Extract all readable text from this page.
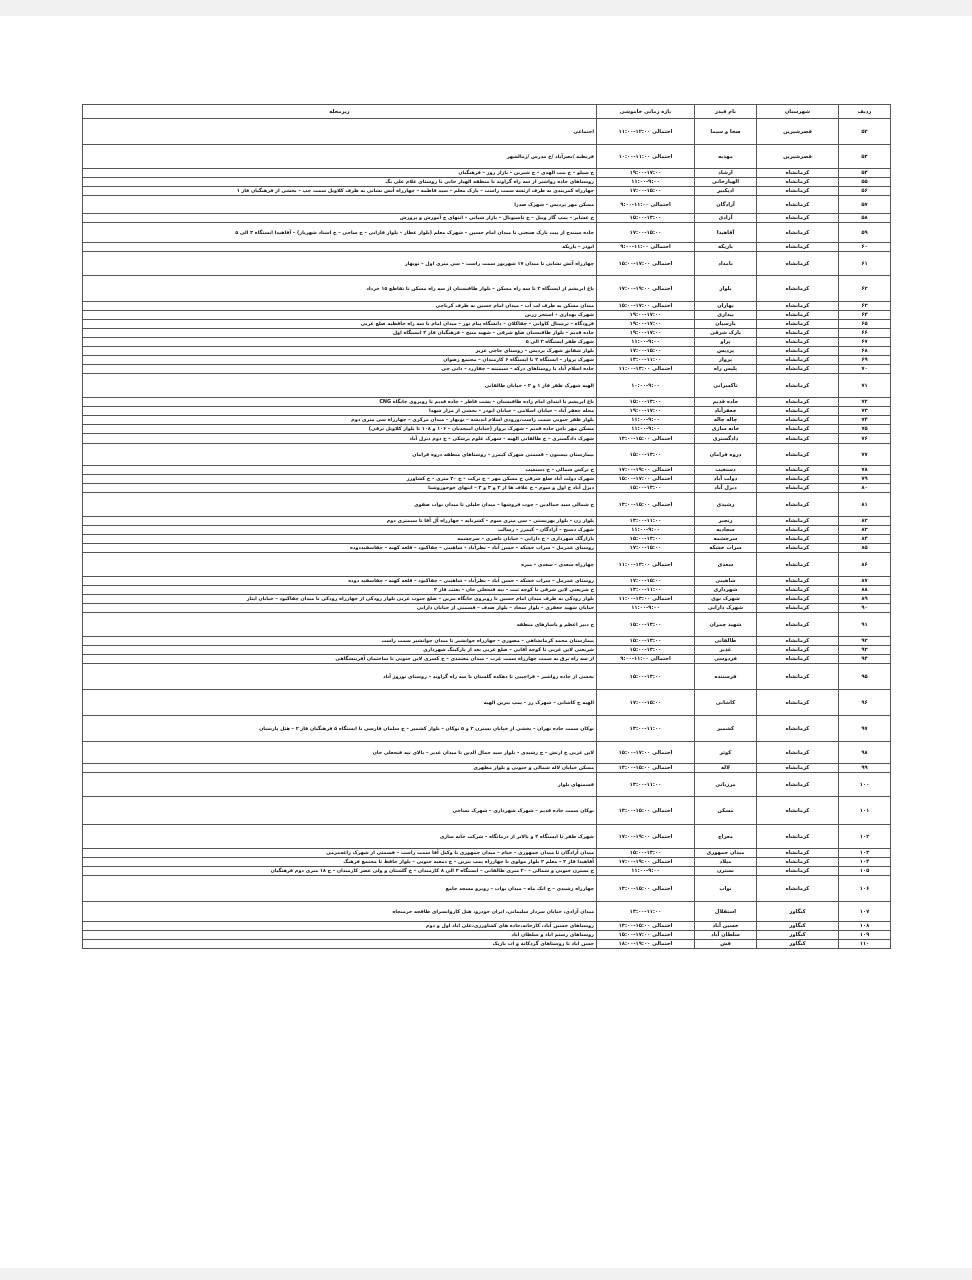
ردیف	شهرستان	نام فیدر	بازه زمانی خاموشی	زیرمحله
۵۲	قصرشیرین	صحا و سیما	احتمالی ۱۲:۰۰-۱۱:۰۰	اجتماعی
۵۳	قصرشیرین	مهدیه	احتمالی ۱۱:۰۰-۱۰:۰۰	فرنطیه /نصرآباد /خ مدرس /زمالشهر
۵۴	کرمانشاه	ارشاد	۱۹:۰۰-۱۷:۰۰	خ سیلو – خ بنت الهدی – خ شیرین – بازار روز – فرهنگیان
۵۵	کرمانشاه	الهیارخانی	۱۱:۰۰-۹:۰۰	روستاهای جاده رواشیر از سه راه گراوند تا منطقه الهیار خانی تا روستای غلام علی بگ
۵۶	کرمانشاه	ادیکبیر	۱۷:۰۰-۱۵:۰۰	چهارراه کمربندی به طرف ارتشه سمت راست – پارک معلم – سید فاطمه – چهارراه آتش نشانی به طرف کلاویل سمت چپ – بخشی از فرهنگیان فاز ۱
۵۷	کرمانشاه	آزادگان	احتمالی ۱۱:۰۰-۹:۰۰	مسکن مهر پردیس – شهرک صدرا
۵۸	کرمانشاه	آزادی	۱۵:۰۰-۱۳:۰۰	خ عشایر – پمپ گاز وییل – خ تاسیونال – بازار شبانی – انتهای خ آموزش و پرورش
۵۹	کرمانشاه	آقاهیدا	۱۷:۰۰-۱۵:۰۰	جاده سنندج از پیت پارک صنعتی تا میدان امام حسین – شهرک معلم (بلوار عطار – بلوار فارابی – خ ساحی – خ استاد شهریار) – آقاهیدا ایستگاه ۴ الی ۵
۶۰	کرمانشاه	باریکه	احتمالی ۱۱:۰۰-۹:۰۰	ابوذر – باریکه
۶۱	کرمانشاه	بامداد	احتمالی ۱۷:۰۰-۱۵:۰۰	چهارراه آتش نشانی تا میدان ۱۷ شهریور سمت راست – سی متری اول – نوبهار
۶۲	کرمانشاه	بلوار	احتمالی ۱۹:۰۰-۱۷:۰۰	باغ ابریشم از ایستگاه ۲ تا سه راه مسکن – بلوار طاقبستان از سه راه مسکن تا تقاطع ۱۵ خرداد
۶۳	کرمانشاه	بهاران	احتمالی ۱۷:۰۰-۱۵:۰۰	میدان مسکن به طرف لب آب – میدان امام حسین به طرف کرناچی
۶۴	کرمانشاه	بیداری	۱۹:۰۰-۱۷:۰۰	شهرک بهداری – استخر زرین
۶۵	کرمانشاه	پارسیان	۱۹:۰۰-۱۷:۰۰	فرودگاه – ترمینال کاوانی – چقاکلان – دانشگاه پیام نور – میدان امام تا سه راه حافظیه ضلع غربی
۶۶	کرمانشاه	پارک شرقی	۱۹:۰۰-۱۷:۰۰	جاده قدیم – بلوار طاقبستان ضلع شرقی – شهید منتح – فرهنگیان فاز ۲ ایستگاه اول
۶۷	کرمانشاه	پراو	۱۱:۰۰-۹:۰۰	شهرک ظفر ایستگاه ۳ الی ۵
۶۸	کرمانشاه	پردیس	۱۷:۰۰-۱۵:۰۰	بلوار شقایق شهرک پردیس – روستای حاجی عزیز
۶۹	کرمانشاه	پرواز	۱۳:۰۰-۱۱:۰۰	شهرک پرواز – ایستگاه ۲ تا ایستگاه ۶ کارمندان – مجتمع رضوان
۷۰	کرمانشاه	پلیس راه	احتمالی ۱۳:۰۰-۱۱:۰۰	جاده اسلام آباد تا روستاهای درکه – سیمینه – چقازرد – دابی چی
۷۱	کرمانشاه	تاکسرانی	۱۰:۰۰-۹:۰۰	الهیه شهرک ظفر فاز ۱ و ۲ – خیابان طالقانی
۷۲	کرمانشاه	جاده قدیم	۱۵:۰۰-۱۳:۰۰	باغ ابریشم تا ابتدای امام زاده طاقبستان – پشت قاطر – جاده قدیم تا روبروی جایگاه CNG
۷۳	کرمانشاه	جعفرآباد	۱۹:۰۰-۱۷:۰۰	محله جعفر آباد – خیابان اسلامی – خیابان ابوذر – بخشی از مزار شهدا
۷۴	کرمانشاه	چاله چاله	۱۱:۰۰-۹:۰۰	بلوار ظفر جنوبی سمت راست،ورودی اسلام اندیشه – نوبهار – میدان مرکزی – چهارراه سی متری دوم
۷۵	کرمانشاه	خانه سازی	۱۱:۰۰-۹:۰۰	مسکن مهر باس جاده قدیم – شهرک پرواز (خیابان امیجدیان – ۱۰۶ و ۱۰۸ تا بلوار کلاویل ترقی)
۷۶	کرمانشاه	دادگستری	احتمالی ۱۵:۰۰-۱۳:۰۰	شهرک دادگستری – خ طالقانی الهیه – شهرک علوم پزشکی – خ دوم دیزل آباد
۷۷	کرمانشاه	دروه فرامان	۱۵:۰۰-۱۳:۰۰	بیمارستان بیستون – قسمتی شهرک کیمرز – روستاهای منطقه دروه فرامان
۷۸	کرمانشاه	دستغیب	احتمالی ۱۹:۰۰-۱۷:۰۰	خ ترکس شمالی – خ دستغیب
۷۹	کرمانشاه	دولت آباد	احتمالی ۱۷:۰۰-۱۵:۰۰	شهرک دولت آباد ضلع شرقی خ مسکن مهر – خ ترکت – خ ۴۰ متری – خ کشاورز
۸۰	کرمانشاه	دیزل آباد	۱۵:۰۰-۱۳:۰۰	دیزل آباد خ اول و سوم – خ علاف ها از ۲ و ۳ و ۴ – انتهای چوخوروشنا
۸۱	کرمانشاه	رشیدی	احتمالی ۱۵:۰۰-۱۳:۰۰	خ شمالی سید جمالدین – چوب فروشها – میدان جلیلی تا میدان نواب صفوی
۸۲	کرمانشاه	رنجبر	۱۳:۰۰-۱۱:۰۰	بلوار زن – بلوار بهزیستی – سی متری سوم – کشرنانه – چهارراه آل آقا تا سیمتری دوم
۸۳	کرمانشاه	سجادیه	۱۱:۰۰-۹:۰۰	شهرک دسیج – آزادگان – کیمرز – رسالت
۸۴	کرمانشاه	سرچشمه	۱۵:۰۰-۱۳:۰۰	بازارگک شهرداری – خ دارایی – خیابان ناصری – سرچشمه
۸۵	کرمانشاه	سراب خشکه	۱۷:۰۰-۱۵:۰۰	روستای عمرمل – سراب خشکه – حسن آباد – نظرآباد – شاهینی – چقاکبود – قلعه کهنه – چقاسفیددوده
۸۶	کرمانشاه	سعدی	احتمالی ۱۳:۰۰-۱۱:۰۰	چهارراه سعدی – سعدی – منزه
۸۷	کرمانشاه	شاهینی	۱۷:۰۰-۱۵:۰۰	روستای عمرمل – سراب خشکه – حسن آباد – نظرآباد – شاهینی – چقاکبود – قلعه کهنه – چقاسفید دوده
۸۸	کرمانشاه	شهرداری	۱۳:۰۰-۱۱:۰۰	خ شریعتی لاین شرقی تا کوچه ثبت – تپه فتحعلی خان – بعثت فاز ۲
۸۹	کرمانشاه	شهرک نوی	احتمالی ۱۳:۰۰-۱۱:۰۰	بلوار رودکی به طرف میدان امام حسین تا روبروی جایگاه بنزین – ضلع جنوب غربی بلوار رودکی از چهارراه رودکی تا میدان چقاکبود – خیابان ایثار
۹۰	کرمانشاه	شهرک دارایی	۱۱:۰۰-۹:۰۰	خیابان شهید جعفری – بلوار سجاد – بلوار صدف – قسمتی از خیابان دارایی
۹۱	کرمانشاه	شهید چمران	۱۵:۰۰-۱۳:۰۰	خ دبیر اعظم و باسازهای منطقه
۹۲	کرمانشاه	طالقانی	۱۵:۰۰-۱۳:۰۰	بیمارستان محمد کرمانشاهی – مصوری – چهارراه جوانشیر تا میدان جوانشیر سمت راست
۹۳	کرمانشاه	غدیر	۱۵:۰۰-۱۳:۰۰	شریعتی لاین غربی تا کوچه آقایی – ضلع غربی بعد از پارکینگ شهرداری
۹۴	کرمانشاه	فردوسی	احتمالی ۱۱:۰۰-۹:۰۰	از سه راه برق به سمت چهارراه سمت غرب – میدان معتمدی – خ کسری لاین جنوبی تا ساختمان آفرینشگاهی
۹۵	کرمانشاه	فرستنده	۱۵:۰۰-۱۳:۰۰	بخشی از جاده رواشیر – قراچینی تا دهکده گلستان تا سه راه گراوند – روستای نوروز آباد
۹۶	کرمانشاه	کاشانی	۱۷:۰۰-۱۵:۰۰	الهیه خ کاشانی – شهرک رز – پمپ بنزین الهیه
۹۷	کرمانشاه	کشمیر	۱۳:۰۰-۱۱:۰۰	نوکان سمت جاده تهران – بخشی از خیابان نسترن ۴ و ۵ نوکان – بلوار کشمیر – خ سلمان فارسی تا ایستگاه ۵ فرهنگیان فاز ۲ – هتل پارسیان
۹۸	کرمانشاه	کوثر	احتمالی ۱۷:۰۰-۱۵:۰۰	لاین غربی خ ارتش – خ رشیدی – بلوار سید جمال الدین تا میدان غدیر – بالای تپه فتحعلی خان
۹۹	کرمانشاه	لاله	احتمالی ۱۵:۰۰-۱۳:۰۰	مسکن خیابان لاله شمالی و جنوبی و بلوار مطهری
۱۰۰	کرمانشاه	مرزبانی	۱۳:۰۰-۱۱:۰۰	قسمتهای بلوار
۱۰۱	کرمانشاه	مسکن	احتمالی ۱۵:۰۰-۱۳:۰۰	نوکان سمت جاده قدیم – شهرک شهرداری – شهرک نساجی
۱۰۲	کرمانشاه	معراج	احتمالی ۱۹:۰۰-۱۷:۰۰	شهرک ظفر تا ایستگاه ۲ و بالاتر از درمانگاه – شرکت خانه سازی
۱۰۳	کرمانشاه	میدان جمهوری	۱۵:۰۰-۱۳:۰۰	میدان آزادگان تا میدان جمهوری – خیام – میدان جمهوری تا وکیل آقا سمت راست – قسمتی از شهرک زاغه‌مرمی
۱۰۴	کرمانشاه	میلاد	احتمالی ۱۹:۰۰-۱۷:۰۰	آقاهیدا فاز ۲ – معلم ۲ بلوار مولوی تا چهارراه پمپ بنزین – خ دمعیه جنوبی – بلوار حافظ تا مجتمع فرهنگ
۱۰۵	کرمانشاه	نسترن	۱۱:۰۰-۹:۰۰	خ نسترن جنوبی و شمالی – ۲۰ متری طالقانی – ایستگاه ۳ الی ۸ کارمندان – خ گلستان و ولی عصر کارمندان – خ ۱۸ متری دوم فرهنگیان
۱۰۶	کرمانشاه	نواب	احتمالی ۱۵:۰۰-۱۳:۰۰	چهارراه رشیدی – خ اتک ماه – میدان نواب – روبرو مسجد جامع
۱۰۷	کنگاور	استقلال	۱۳:۰۰-۱۱:۰۰	میدان آزادی، خیابان سردار سلیمانی، ایران خودرو، هتل کاروانسرای طاقچه خرمنجاه
۱۰۸	کنگاور	خسین آباد	احتمالی ۱۵:۰۰-۱۳:۰۰	روستاهای خسین آباد، کارخانه،جاده های کشاورزی،علی اباد اول و دوم
۱۰۹	کنگاور	سلطان آباد	احتمالی ۱۷:۰۰-۱۵:۰۰	روستاهای رستم اباد و سلطان اباد
۱۱۰	کنگاور	قش	احتمالی ۱۹:۰۰-۱۸:۰۰	حسن اباد تا روستاهای گردکانه و اب باریک
